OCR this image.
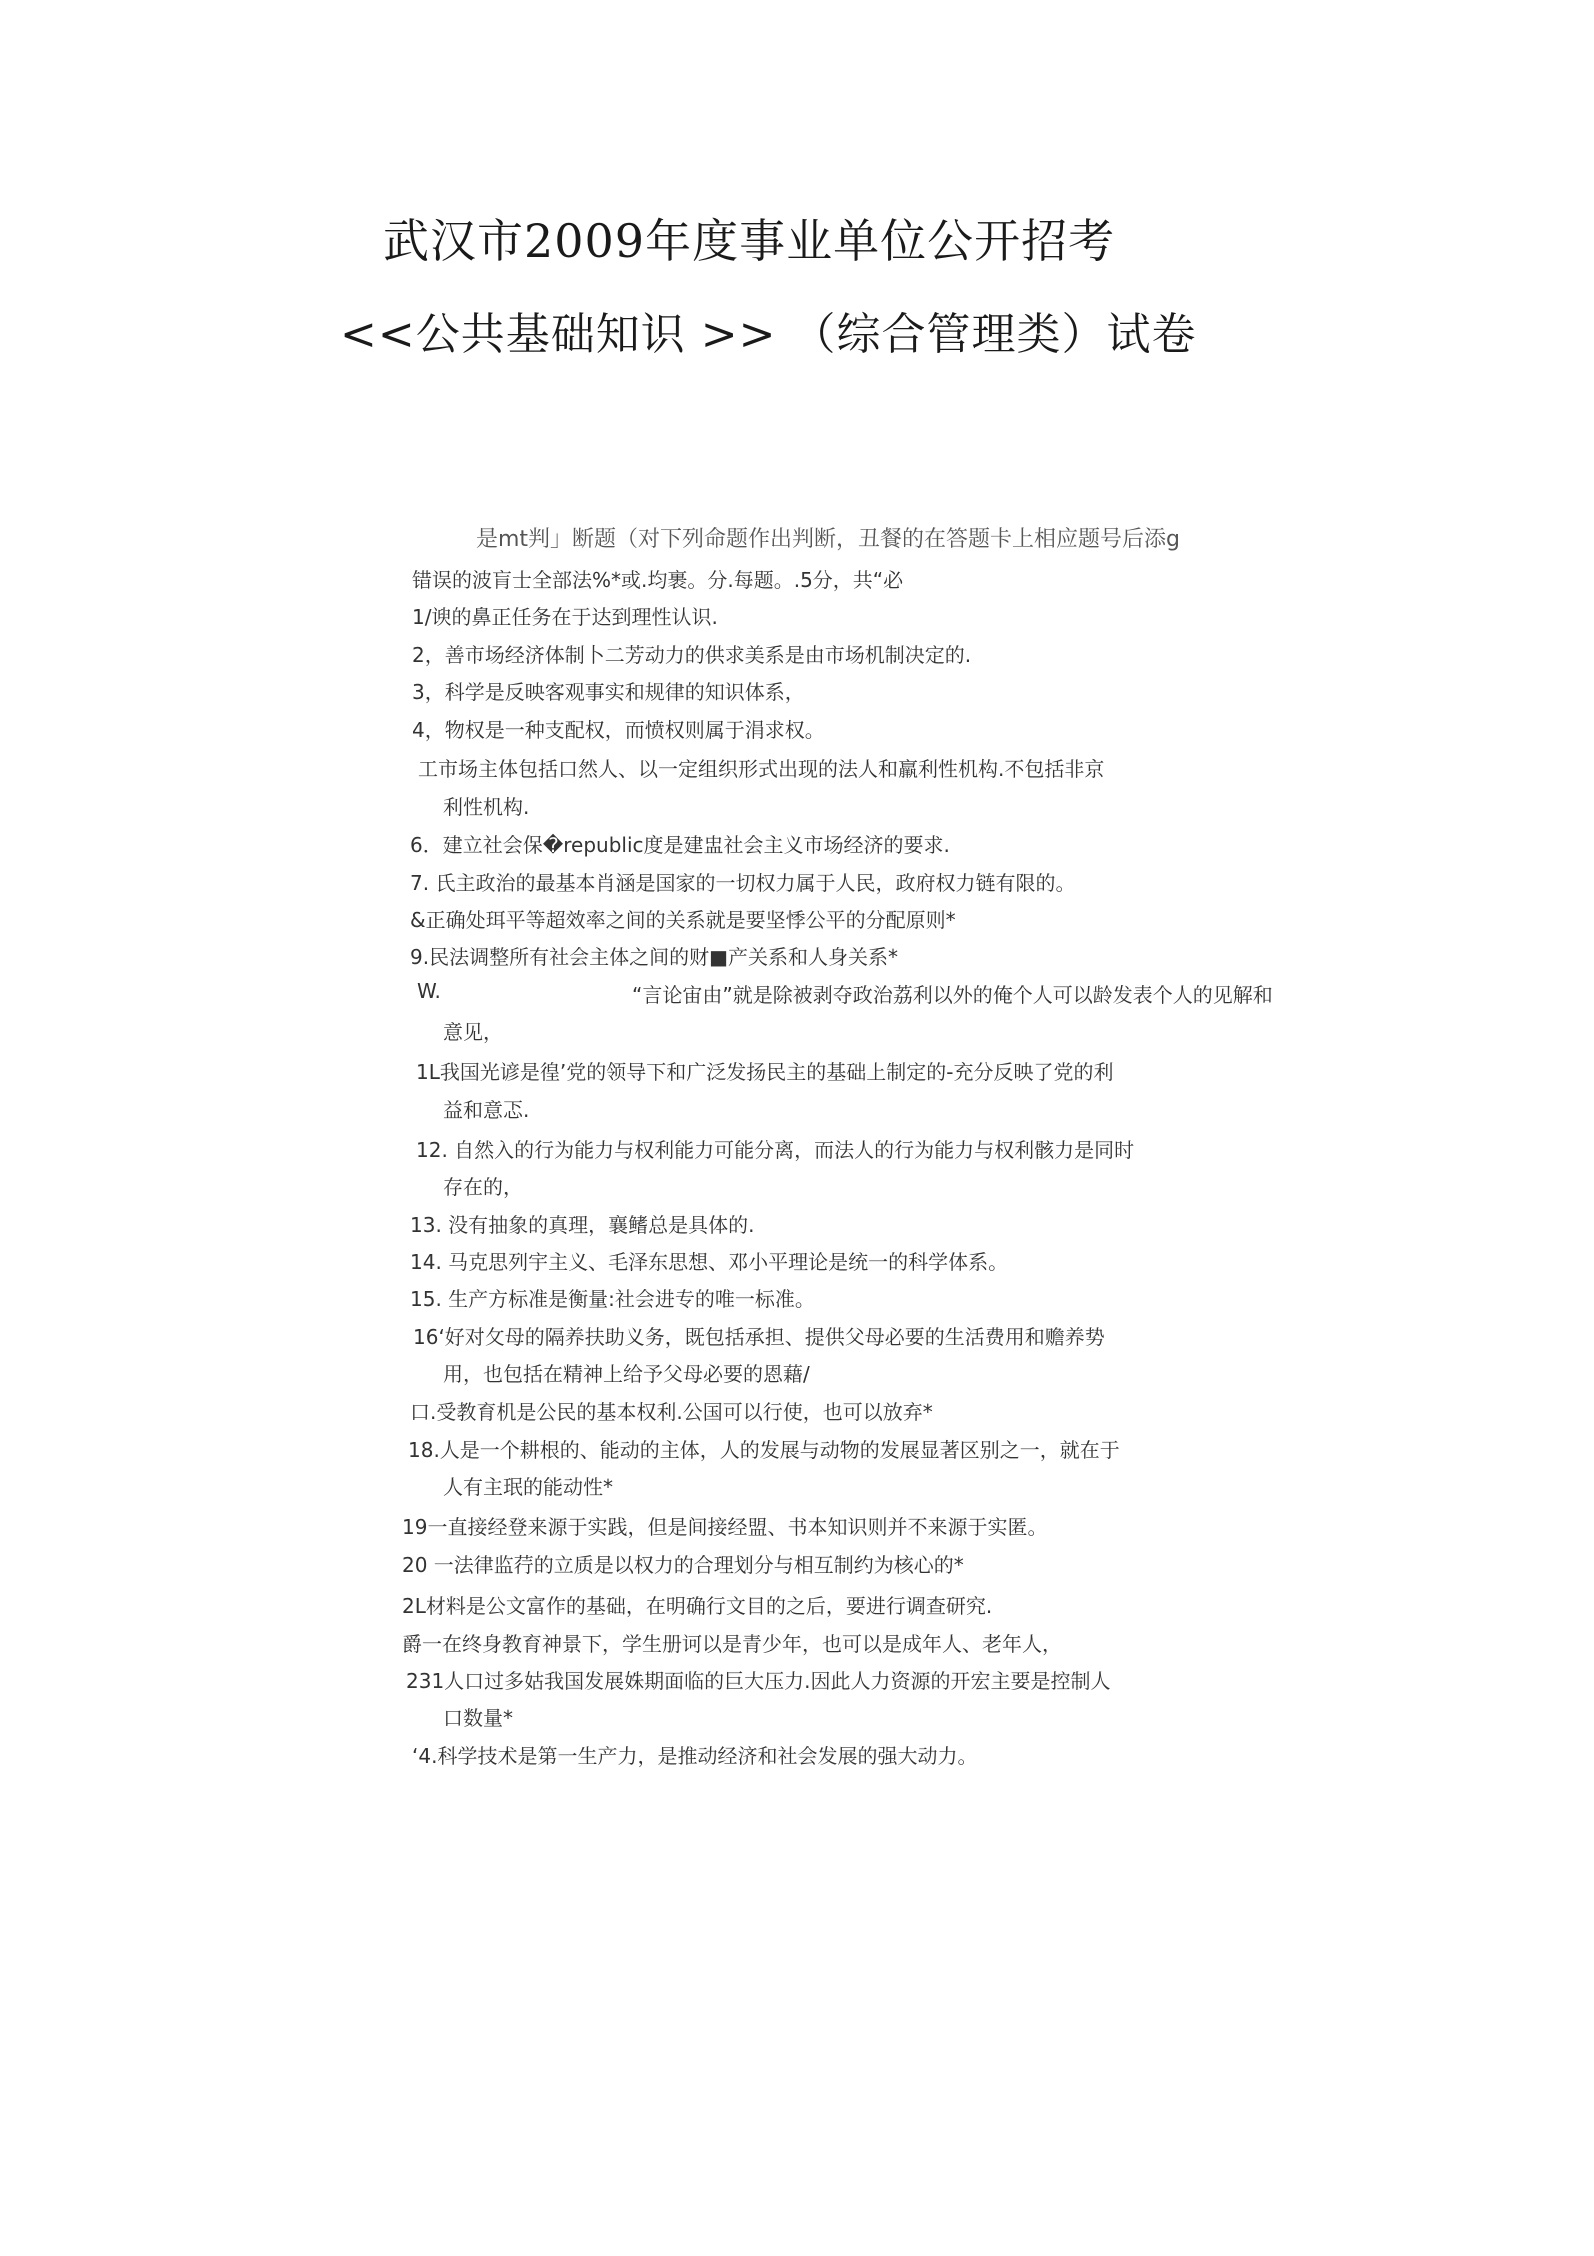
武汉市2009年度事业单位公开招考
<<公共基础知识 >> （综合管理类）试卷
是mt判」断题（对下列命题作出判断，丑餐的在答题卡上相应题号后添g
错误的波肓士全部法%*或.均裹。分.每题。.5分，共“必
1/谀的鼻正任务在于达到理性认识.
2，善市场经济体制卜二芳动力的供求美系是由市场机制决定的.
3，科学是反映客观事实和规律的知识体系，
4，物权是一种支配权，而愤权则属于涓求权。
工市场主体包括口然人、以一定组织形式出现的法人和羸利性机构.不包括非京
利性机构.
6．建立社会保�republic度是建盅社会主义市场经济的要求.
7. 氏主政治的最基本肖涵是国家的一切权力属于人民，政府权力链有限的。
&正确处珥平等超效率之间的关系就是要坚悸公平的分配原则*
9.民法调整所有社会主体之间的财■产关系和人身关系*
W.	“言论宙由”就是除被剥夺政治荔利以外的俺个人可以龄发表个人的见解和
意见，
1L我国光谚是徨’党的领导下和广泛发扬民主的基础上制定的-充分反映了党的利
益和意忑.
12. 自然入的行为能力与权利能力可能分离，而法人的行为能力与权利骸力是同时
存在的，
13. 没有抽象的真理，襄鳍总是具体的.
14. 马克思列宇主义、毛泽东思想、邓小平理论是统一的科学体系。
15. 生产方标准是衡量:社会进专的唯一标准。
16‘好对攵母的隔养扶助义务，既包括承担、提供父母必要的生活费用和赡养势
用，也包括在精神上给予父母必要的恩藉/
口.受教育机是公民的基本权利.公国可以行使，也可以放弃*
18.人是一个耕根的、能动的主体，人的发展与动物的发展显著区别之一，就在于
人有主珉的能动性*
19一直接经登来源于实践，但是间接经盟、书本知识则并不来源于实匿。
20 一法律监荇的立质是以权力的合理划分与相互制约为核心的*
2L材料是公文富作的基础，在明确行文目的之后，要进行调查研究.
爵一在终身教育神景下，学生册诃以是青少年，也可以是成年人、老年人，
231人口过多姑我国发展姝期面临的巨大压力.因此人力资源的开宏主要是控制人
口数量*
‘4.科学技术是第一生产力，是推动经济和社会发展的强大动力。
